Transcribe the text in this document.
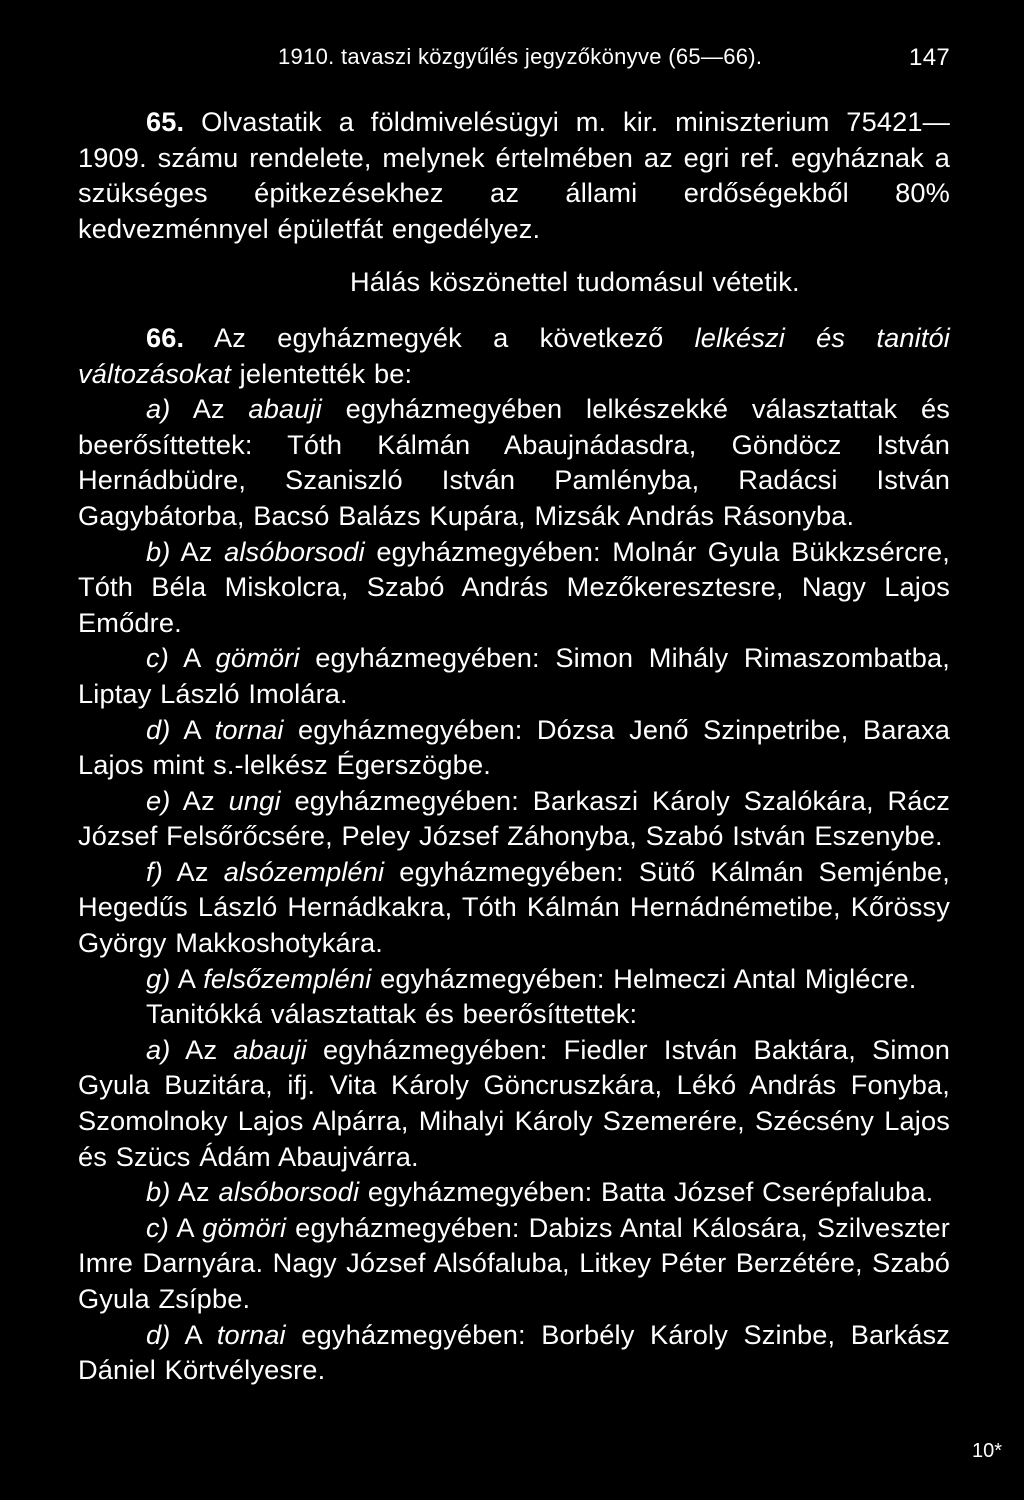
1910. tavaszi közgyűlés jegyzőkönyve (65—66).	147

65. Olvastatik a földmivelésügyi m. kir. miniszterium 75421—1909. számu rendelete, melynek értelmében az egri ref. egyháznak a szükséges épitkezésekhez az állami erdőségekből 80% kedvezménnyel épületfát engedélyez.

Hálás köszönettel tudomásul vétetik.

66. Az egyházmegyék a következő lelkészi és tanitói változásokat jelentették be:

a) Az abauji egyházmegyében lelkészekké választattak és beerősíttettek: Tóth Kálmán Abaujnádasdra, Göndöcz István Hernádbüdre, Szaniszló István Pamlényba, Radácsi István Gagybátorba, Bacsó Balázs Kupára, Mizsák András Rásonyba.

b) Az alsóborsodi egyházmegyében: Molnár Gyula Bükkzsércre, Tóth Béla Miskolcra, Szabó András Mezőkeresztesre, Nagy Lajos Emődre.

c) A gömöri egyházmegyében: Simon Mihály Rimaszombatba, Liptay László Imolára.

d) A tornai egyházmegyében: Dózsa Jenő Szinpetribe, Baraxa Lajos mint s.-lelkész Égerszögbe.

e) Az ungi egyházmegyében: Barkaszi Károly Szalókára, Rácz József Felsőrőcsére, Peley József Záhonyba, Szabó István Eszenybe.

f) Az alsózempléni egyházmegyében: Sütő Kálmán Semjénbe, Hegedűs László Hernádkakra, Tóth Kálmán Hernádnémetibe, Kőrössy György Makkoshotykára.

g) A felsőzempléni egyházmegyében: Helmeczi Antal Miglécre.

Tanitókká választattak és beerősíttettek:

a) Az abauji egyházmegyében: Fiedler István Baktára, Simon Gyula Buzitára, ifj. Vita Károly Göncruszkára, Lékó András Fonyba, Szomolnoky Lajos Alpárra, Mihalyi Károly Szemerére, Szécsény Lajos és Szücs Ádám Abaujvárra.

b) Az alsóborsodi egyházmegyében: Batta József Cserépfaluba.

c) A gömöri egyházmegyében: Dabizs Antal Kálosára, Szilveszter Imre Darnyára. Nagy József Alsófaluba, Litkey Péter Berzétére, Szabó Gyula Zsípbe.

d) A tornai egyházmegyében: Borbély Károly Szinbe, Barkász Dániel Körtvélyesre.

10*
